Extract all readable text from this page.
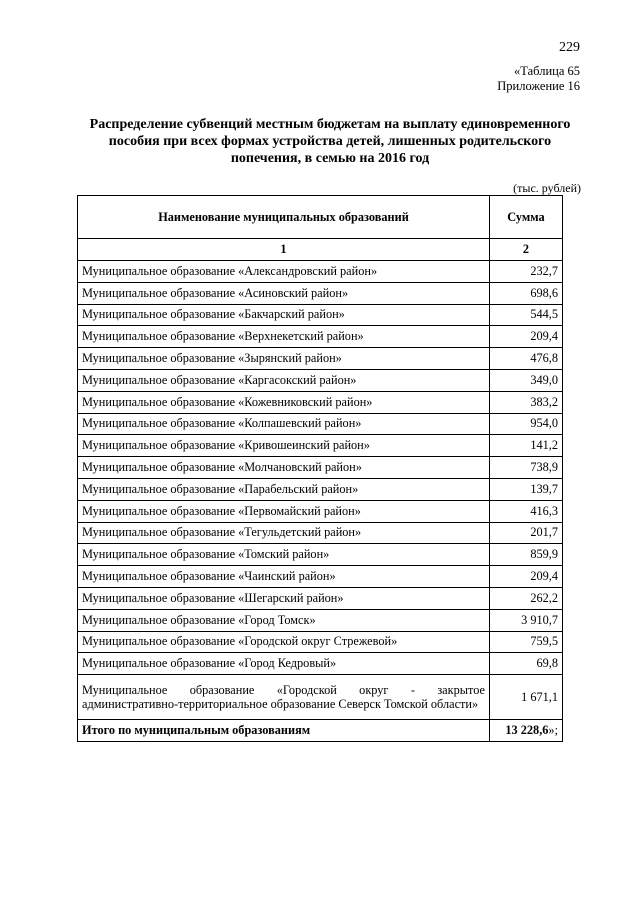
229
«Таблица 65
Приложение 16
Распределение субвенций местным бюджетам на выплату единовременного пособия при всех формах устройства детей, лишенных родительского попечения, в семью на 2016 год
(тыс. рублей)
Наименование муниципальных образований	Сумма
1	2
Муниципальное образование «Александровский район»	232,7
Муниципальное образование «Асиновский район»	698,6
Муниципальное образование «Бакчарский район»	544,5
Муниципальное образование «Верхнекетский район»	209,4
Муниципальное образование «Зырянский район»	476,8
Муниципальное образование «Каргасокский район»	349,0
Муниципальное образование «Кожевниковский район»	383,2
Муниципальное образование «Колпашевский район»	954,0
Муниципальное образование «Кривошеинский район»	141,2
Муниципальное образование «Молчановский район»	738,9
Муниципальное образование «Парабельский район»	139,7
Муниципальное образование «Первомайский район»	416,3
Муниципальное образование «Тегульдетский район»	201,7
Муниципальное образование «Томский район»	859,9
Муниципальное образование «Чаинский район»	209,4
Муниципальное образование «Шегарский район»	262,2
Муниципальное образование «Город Томск»	3 910,7
Муниципальное образование «Городской округ Стрежевой»	759,5
Муниципальное образование «Город Кедровый»	69,8
Муниципальное образование «Городской округ - закрытое административно-территориальное образование Северск Томской области»	1 671,1
Итого по муниципальным образованиям	13 228,6»;
